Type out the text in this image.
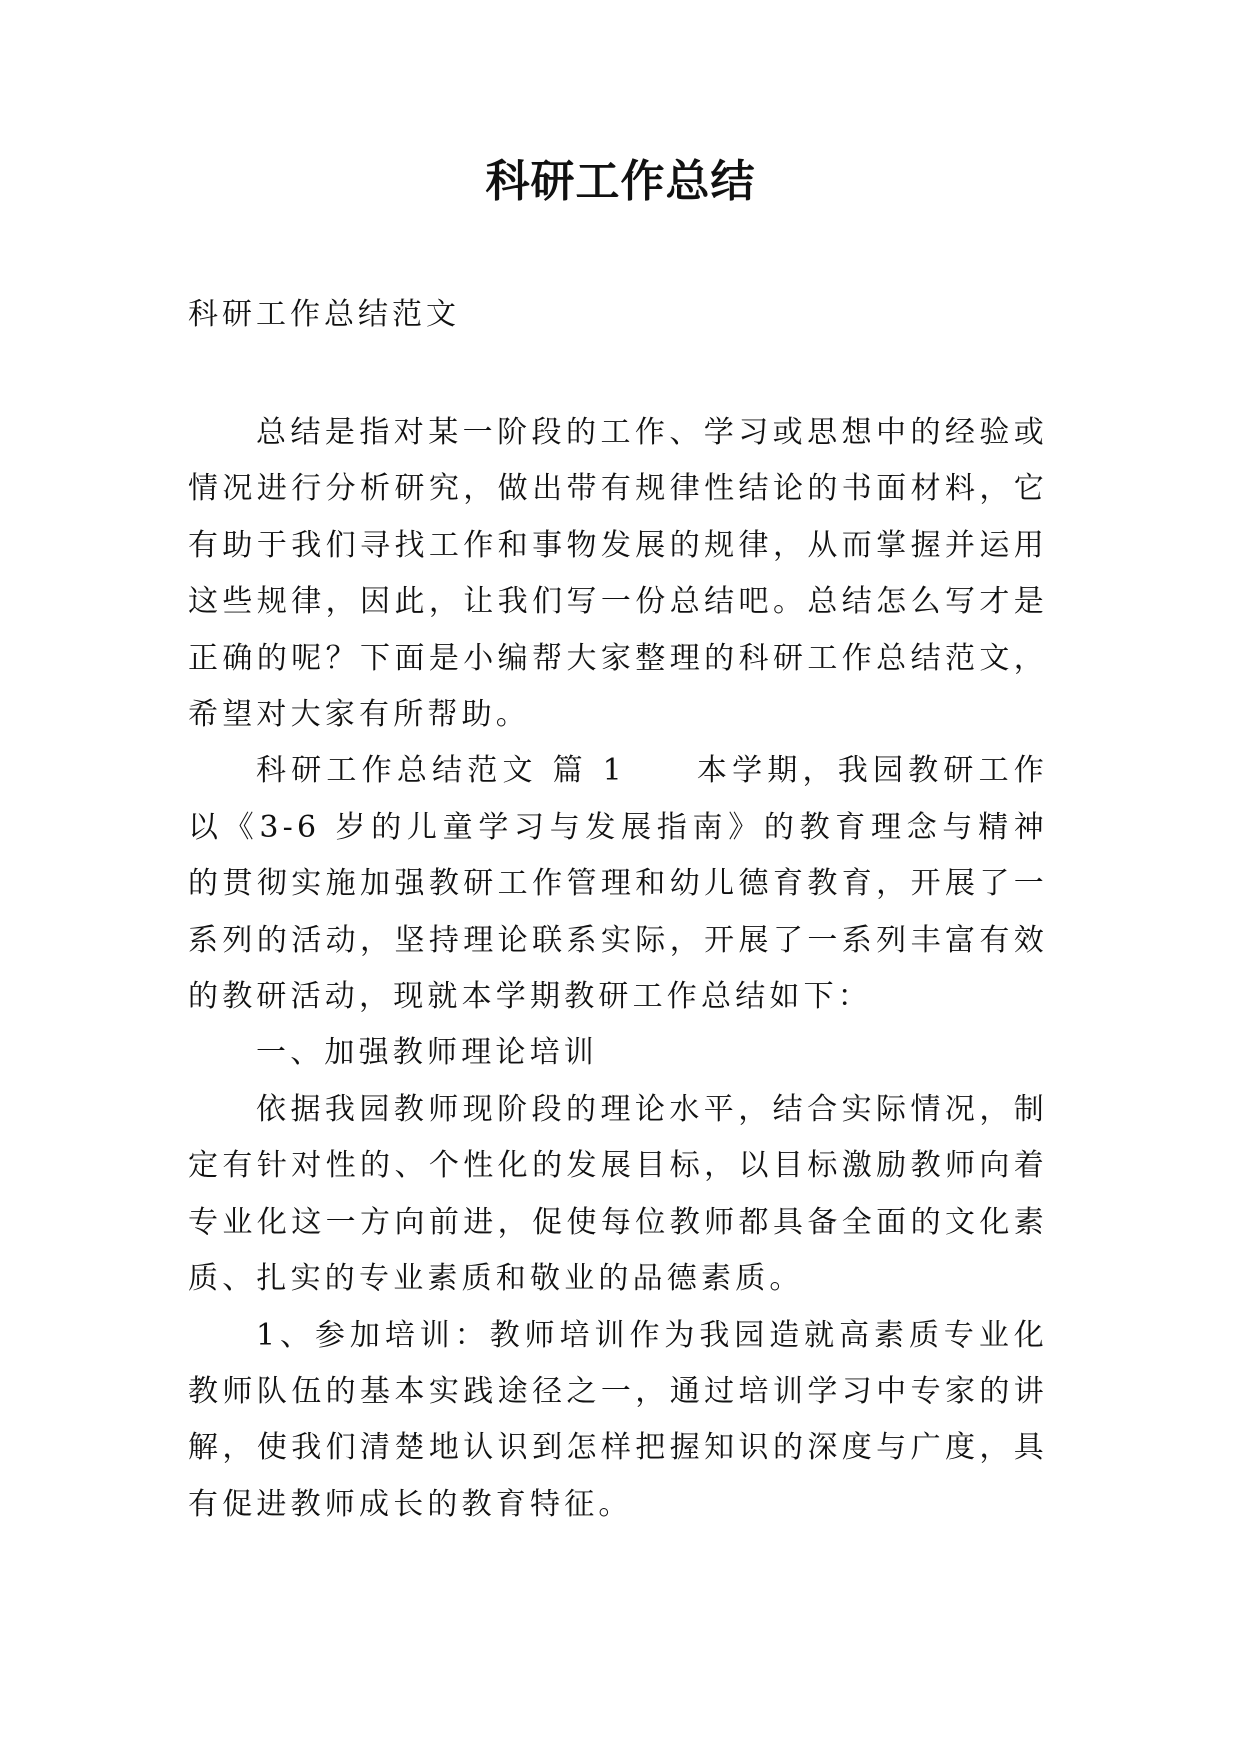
科研工作总结

科研工作总结范文

总结是指对某一阶段的工作、学习或思想中的经验或情况进行分析研究，做出带有规律性结论的书面材料，它有助于我们寻找工作和事物发展的规律，从而掌握并运用这些规律，因此，让我们写一份总结吧。总结怎么写才是正确的呢？下面是小编帮大家整理的科研工作总结范文，希望对大家有所帮助。

科研工作总结范文 篇 1 本学期，我园教研工作以《3-6 岁的儿童学习与发展指南》的教育理念与精神的贯彻实施加强教研工作管理和幼儿德育教育，开展了一系列的活动，坚持理论联系实际，开展了一系列丰富有效的教研活动，现就本学期教研工作总结如下：

一、加强教师理论培训

依据我园教师现阶段的理论水平，结合实际情况，制定有针对性的、个性化的发展目标，以目标激励教师向着专业化这一方向前进，促使每位教师都具备全面的文化素质、扎实的专业素质和敬业的品德素质。

1、参加培训：教师培训作为我园造就高素质专业化教师队伍的基本实践途径之一，通过培训学习中专家的讲解，使我们清楚地认识到怎样把握知识的深度与广度，具有促进教师成长的教育特征。
